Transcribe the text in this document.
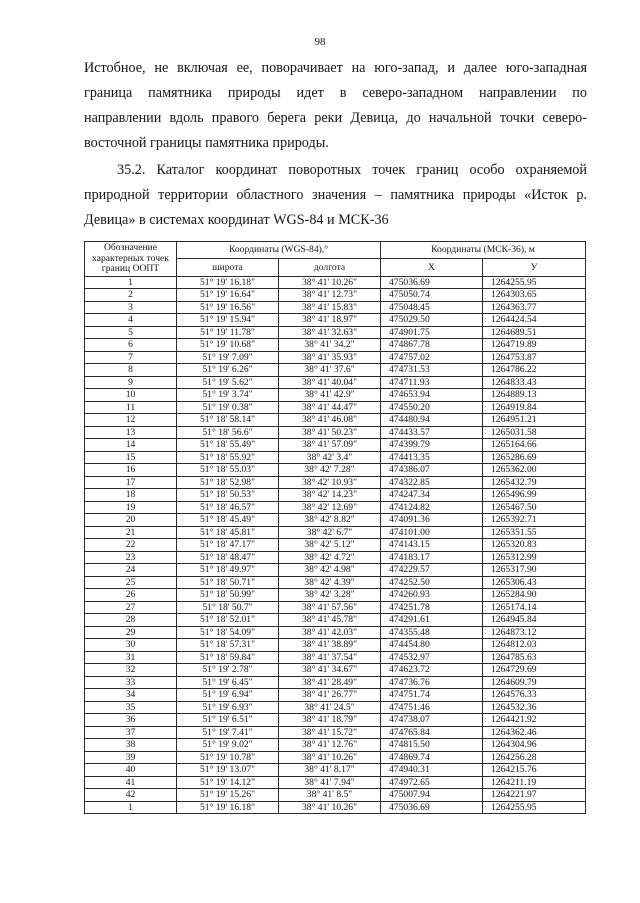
98
Истобное, не включая ее, поворачивает на юго-запад, и далее юго-западная
граница памятника природы идет в северо-западном направлении по
направлении вдоль правого берега реки Девица, до начальной точки северо-
восточной границы памятника природы.
35.2. Каталог координат поворотных точек границ особо охраняемой
природной территории областного значения – памятника природы «Исток р.
Девица» в системах координат WGS-84 и МСК-36
Обозначение характерных точек границ ООПТ	Координаты (WGS-84),°		Координаты (МСК-36), м	
	широта	долгота	X	У
1	51° 19' 16.18"	38° 41' 10.26"	475036.69	1264255.95
2	51° 19' 16.64"	38° 41' 12.73"	475050.74	1264303.65
3	51° 19' 16.56"	38° 41' 15.83"	475048.45	1264363.77
4	51° 19' 15.94"	38° 41' 18.97"	475029.50	1264424.54
5	51° 19' 11.78"	38° 41' 32.63"	474901.75	1264689.51
6	51° 19' 10.68"	38° 41' 34.2"	474867.78	1264719.89
7	51° 19' 7.09"	38° 41' 35.93"	474757.02	1264753.87
8	51° 19' 6.26"	38° 41' 37.6"	474731.53	1264786.22
9	51° 19' 5.62"	38° 41' 40.04"	474711.93	1264833.43
10	51° 19' 3.74"	38° 41' 42.9"	474653.94	1264889.13
11	51° 19' 0.38"	38° 41' 44.47"	474550.20	1264919.84
12	51° 18' 58.14"	38° 41' 46.08"	474480.94	1264951.21
13	51° 18' 56.6"	38° 41' 50.23"	474433.57	1265031.58
14	51° 18' 55.49"	38° 41' 57.09"	474399.79	1265164.66
15	51° 18' 55.92"	38° 42' 3.4"	474413.35	1265286.69
16	51° 18' 55.03"	38° 42' 7.28"	474386.07	1265362.00
17	51° 18' 52.98"	38° 42' 10.93"	474322.85	1265432.79
18	51° 18' 50.53"	38° 42' 14.23"	474247.34	1265496.99
19	51° 18' 46.57"	38° 42' 12.69"	474124.82	1265467.50
20	51° 18' 45.49"	38° 42' 8.82"	474091.36	1265392.71
21	51° 18' 45.81"	38° 42' 6.7"	474101.00	1265351.55
22	51° 18' 47.17"	38° 42' 5.12"	474143.15	1265320.83
23	51° 18' 48.47"	38° 42' 4.72"	474183.17	1265312.99
24	51° 18' 49.97"	38° 42' 4.98"	474229.57	1265317.90
25	51° 18' 50.71"	38° 42' 4.39"	474252.50	1265306.43
26	51° 18' 50.99"	38° 42' 3.28"	474260.93	1265284.90
27	51° 18' 50.7"	38° 41' 57.56"	474251.78	1265174.14
28	51° 18' 52.01"	38° 41' 45.78"	474291.61	1264945.84
29	51° 18' 54.09"	38° 41' 42.03"	474355.48	1264873.12
30	51° 18' 57.31"	38° 41' 38.89"	474454.80	1264812.03
31	51° 18' 59.84"	38° 41' 37.54"	474532.97	1264785.63
32	51° 19' 2.78"	38° 41' 34.67"	474623.72	1264729.69
33	51° 19' 6.45"	38° 41' 28.49"	474736.76	1264609.79
34	51° 19' 6.94"	38° 41' 26.77"	474751.74	1264576.33
35	51° 19' 6.93"	38° 41' 24.5"	474751.46	1264532.36
36	51° 19' 6.51"	38° 41' 18.79"	474738.07	1264421.92
37	51° 19' 7.41"	38° 41' 15.72"	474765.84	1264362.46
38	51° 19' 9.02"	38° 41' 12.76"	474815.50	1264304.96
39	51° 19' 10.78"	38° 41' 10.26"	474869.74	1264256.28
40	51° 19' 13.07"	38° 41' 8.17"	474940.31	1264215.76
41	51° 19' 14.12"	38° 41' 7.94"	474972.65	1264211.19
42	51° 19' 15.26"	38° 41' 8.5"	475007.94	1264221.97
1	51° 19' 16.18"	38° 41' 10.26"	475036.69	1264255.95
